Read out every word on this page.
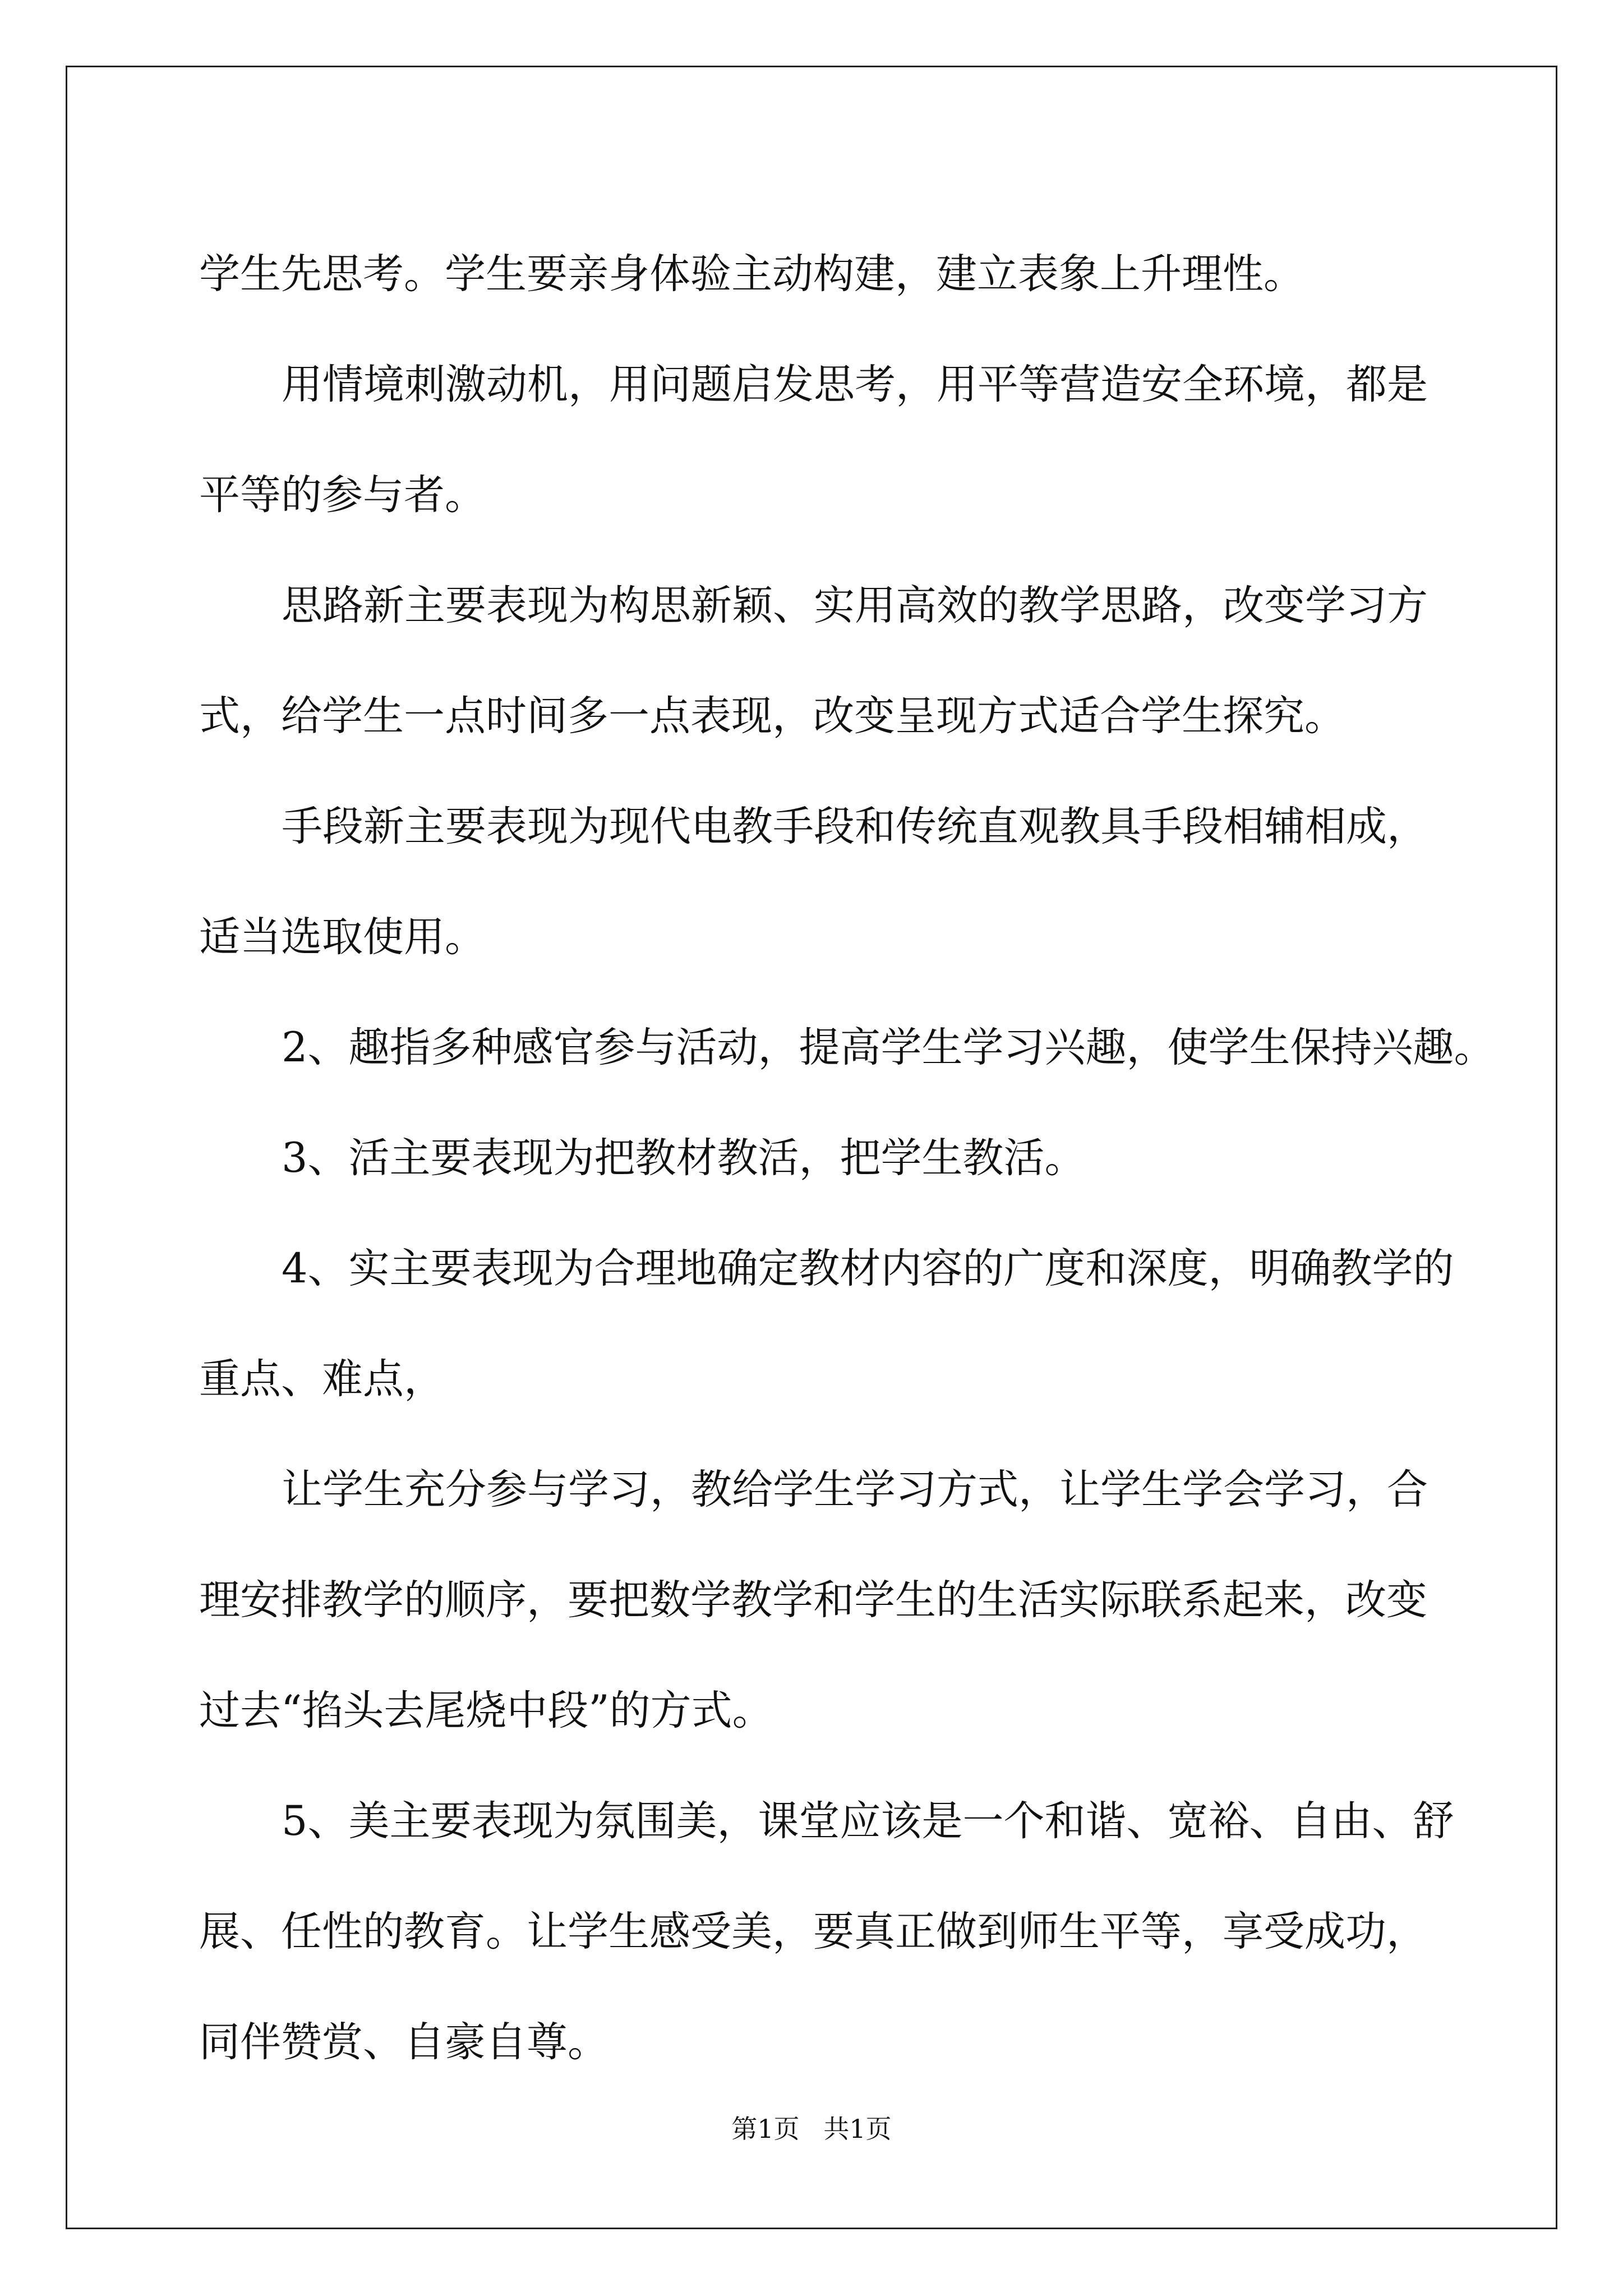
学生先思考。学生要亲身体验主动构建，建立表象上升理性。
用情境刺激动机，用问题启发思考，用平等营造安全环境，都是
平等的参与者。
思路新主要表现为构思新颖、实用高效的教学思路，改变学习方
式，给学生一点时间多一点表现，改变呈现方式适合学生探究。
手段新主要表现为现代电教手段和传统直观教具手段相辅相成，
适当选取使用。
2、趣指多种感官参与活动，提高学生学习兴趣，使学生保持兴趣。
3、活主要表现为把教材教活，把学生教活。
4、实主要表现为合理地确定教材内容的广度和深度，明确教学的
重点、难点，
让学生充分参与学习，教给学生学习方式，让学生学会学习，合
理安排教学的顺序，要把数学教学和学生的生活实际联系起来，改变
过去“掐头去尾烧中段”的方式。
5、美主要表现为氛围美，课堂应该是一个和谐、宽裕、自由、舒
展、任性的教育。让学生感受美，要真正做到师生平等，享受成功，
同伴赞赏、自豪自尊。
第1页 共1页
